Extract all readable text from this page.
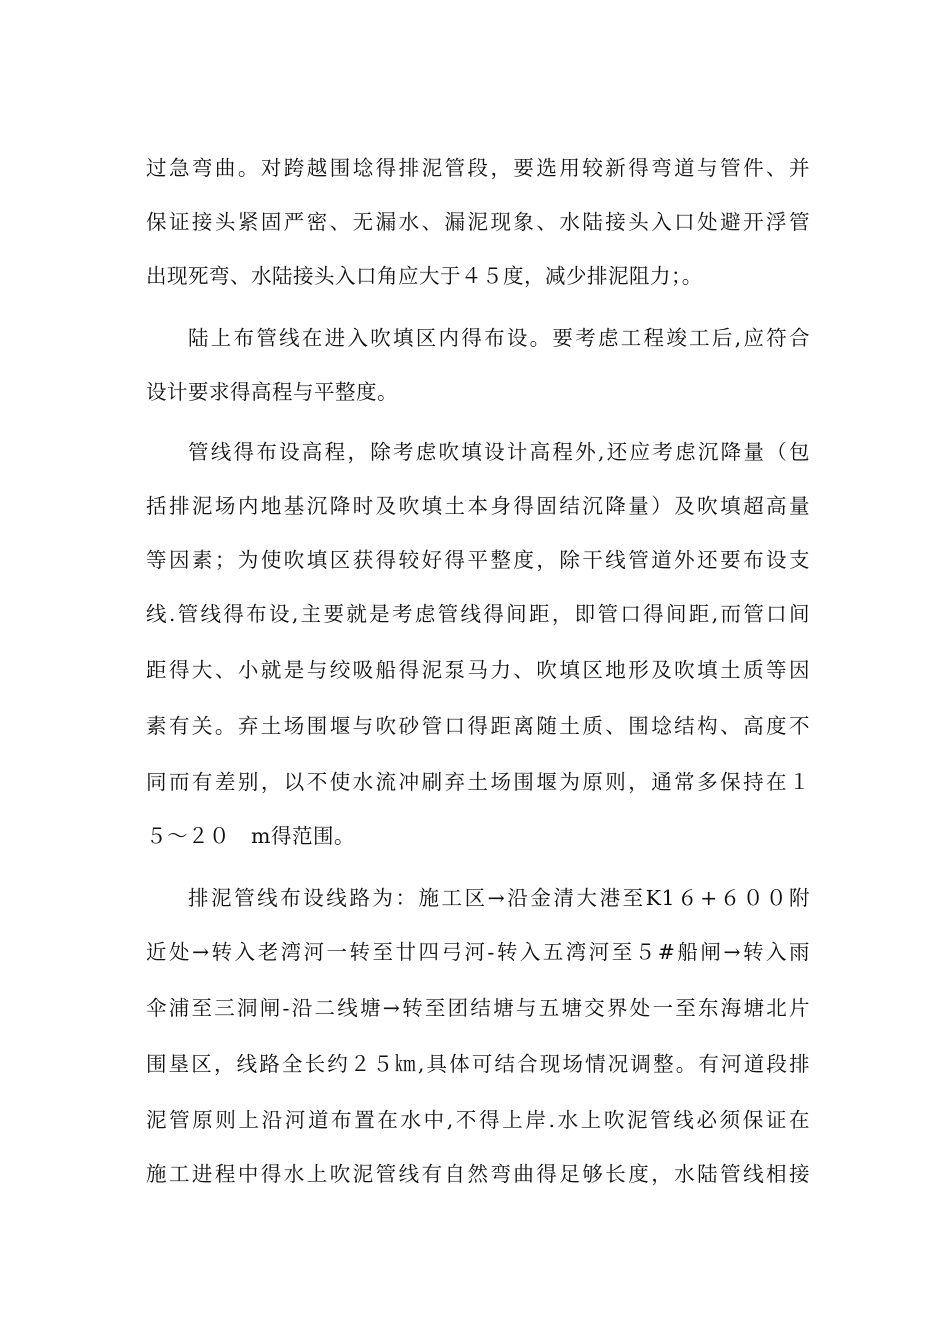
过急弯曲。对跨越围埝得排泥管段，要选用较新得弯道与管件、并
保证接头紧固严密、无漏水、漏泥现象、水陆接头入口处避开浮管
出现死弯、水陆接头入口角应大于４５度，减少排泥阻力；。
陆上布管线在进入吹填区内得布设。要考虑工程竣工后,应符合
设计要求得高程与平整度。
管线得布设高程，除考虑吹填设计高程外,还应考虑沉降量（包
括排泥场内地基沉降时及吹填土本身得固结沉降量）及吹填超高量
等因素；为使吹填区获得较好得平整度，除干线管道外还要布设支
线.管线得布设,主要就是考虑管线得间距，即管口得间距,而管口间
距得大、小就是与绞吸船得泥泵马力、吹填区地形及吹填土质等因
素有关。弃土场围堰与吹砂管口得距离随土质、围埝结构、高度不
同而有差别，以不使水流冲刷弃土场围堰为原则，通常多保持在１
５～２０　m得范围。
排泥管线布设线路为：施工区→沿金清大港至K1６+６００附
近处→转入老湾河一转至廿四弓河-转入五湾河至５#船闸→转入雨
伞浦至三洞闸-沿二线塘→转至团结塘与五塘交界处一至东海塘北片
围垦区，线路全长约２５㎞,具体可结合现场情况调整。有河道段排
泥管原则上沿河道布置在水中,不得上岸.水上吹泥管线必须保证在
施工进程中得水上吹泥管线有自然弯曲得足够长度，水陆管线相接
